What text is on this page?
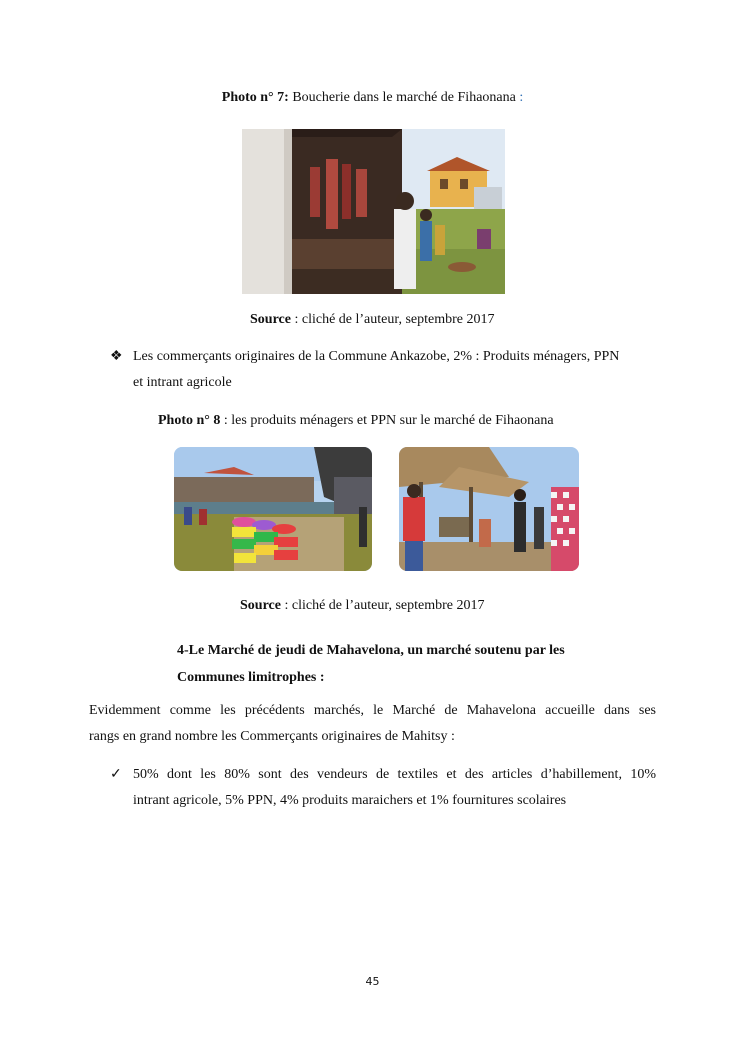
Photo n° 7: Boucherie dans le marché de Fihaonana :
Source : cliché de l’auteur, septembre 2017
❖ Les commerçants originaires de la Commune Ankazobe, 2% : Produits ménagers, PPN
et intrant agricole
Photo n° 8 : les produits ménagers et PPN sur le marché de Fihaonana
Source : cliché de l’auteur, septembre 2017
4-Le Marché de jeudi de Mahavelona, un marché soutenu par les
Communes limitrophes :
Evidemment comme les précédents marchés, le Marché de Mahavelona accueille dans ses
rangs en grand nombre les Commerçants originaires de Mahitsy :
✓ 50% dont les 80% sont des vendeurs de textiles et des articles d’habillement, 10%
intrant agricole, 5% PPN, 4% produits maraichers et 1% fournitures scolaires
45
